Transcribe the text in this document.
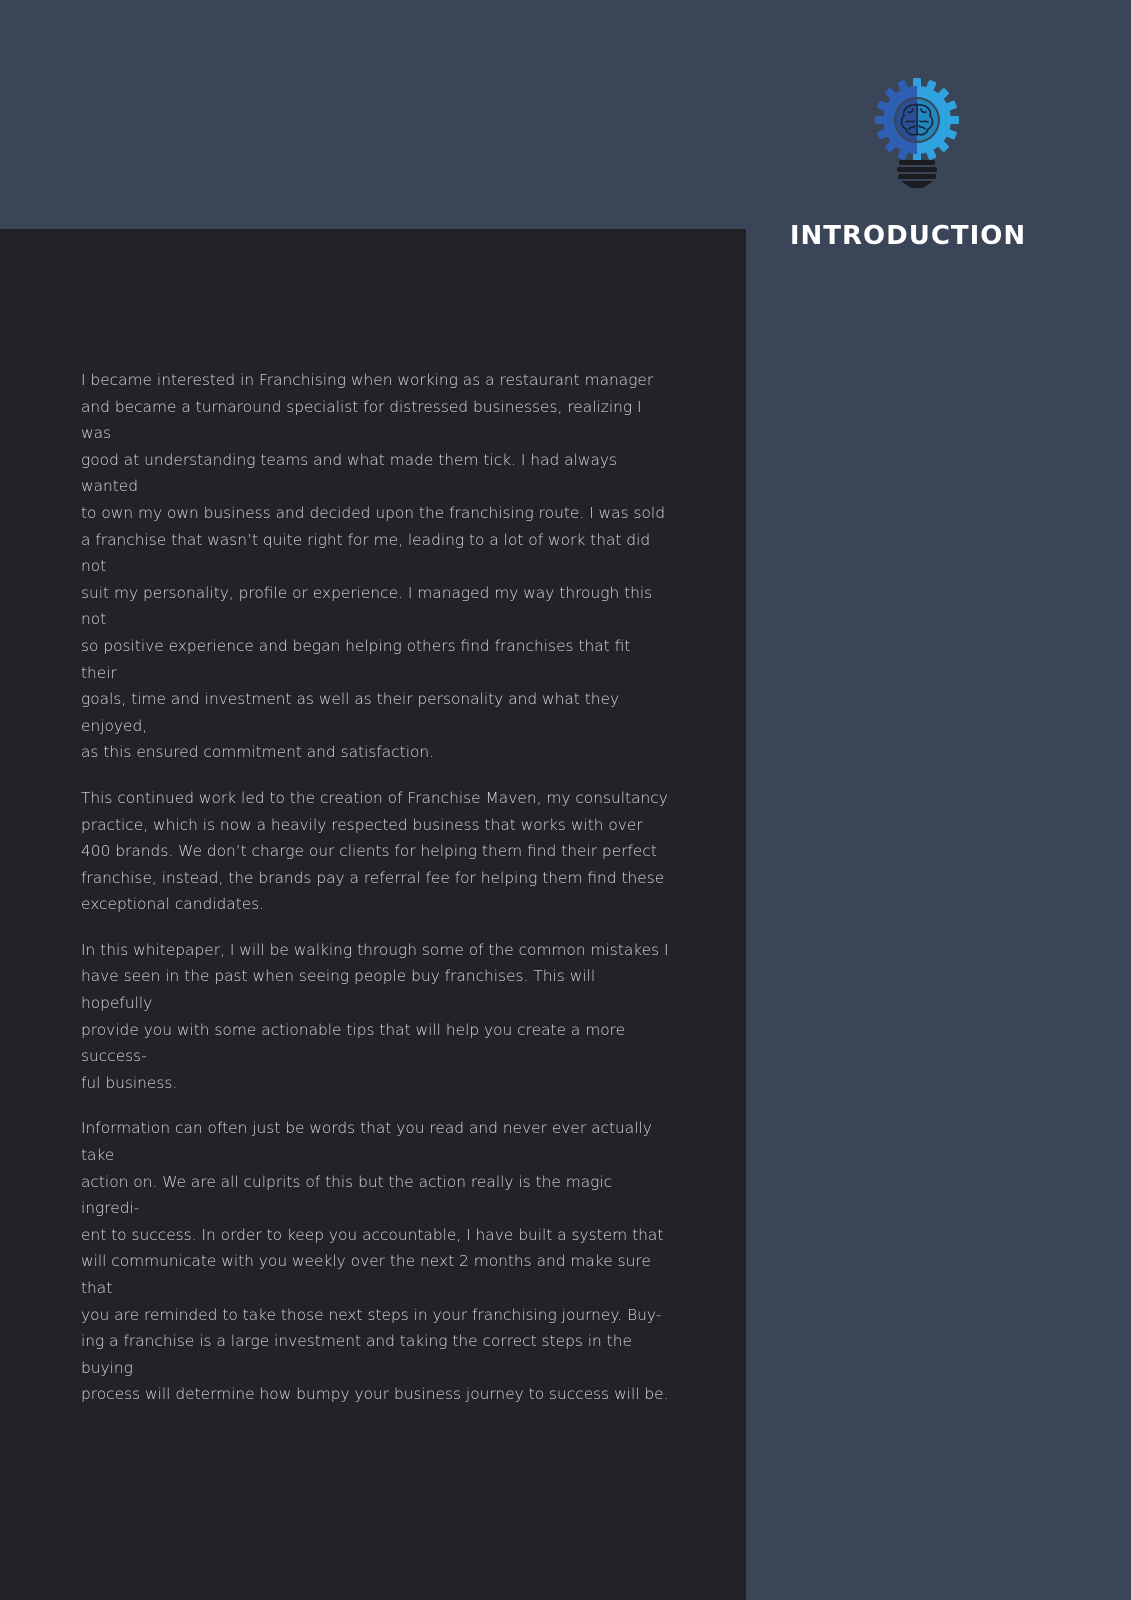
INTRODUCTION

I became interested in Franchising when working as a restaurant manager
and became a turnaround specialist for distressed businesses, realizing I was
good at understanding teams and what made them tick. I had always wanted
to own my own business and decided upon the franchising route. I was sold
a franchise that wasn’t quite right for me, leading to a lot of work that did not
suit my personality, profile or experience. I managed my way through this not
so positive experience and began helping others find franchises that fit their
goals, time and investment as well as their personality and what they enjoyed,
as this ensured commitment and satisfaction.

This continued work led to the creation of Franchise Maven, my consultancy
practice, which is now a heavily respected business that works with over
400 brands. We don’t charge our clients for helping them find their perfect
franchise, instead, the brands pay a referral fee for helping them find these
exceptional candidates.

In this whitepaper, I will be walking through some of the common mistakes I
have seen in the past when seeing people buy franchises. This will hopefully
provide you with some actionable tips that will help you create a more success-
ful business.

Information can often just be words that you read and never ever actually take
action on. We are all culprits of this but the action really is the magic ingredi-
ent to success. In order to keep you accountable, I have built a system that
will communicate with you weekly over the next 2 months and make sure that
you are reminded to take those next steps in your franchising journey. Buy-
ing a franchise is a large investment and taking the correct steps in the buying
process will determine how bumpy your business journey to success will be.
